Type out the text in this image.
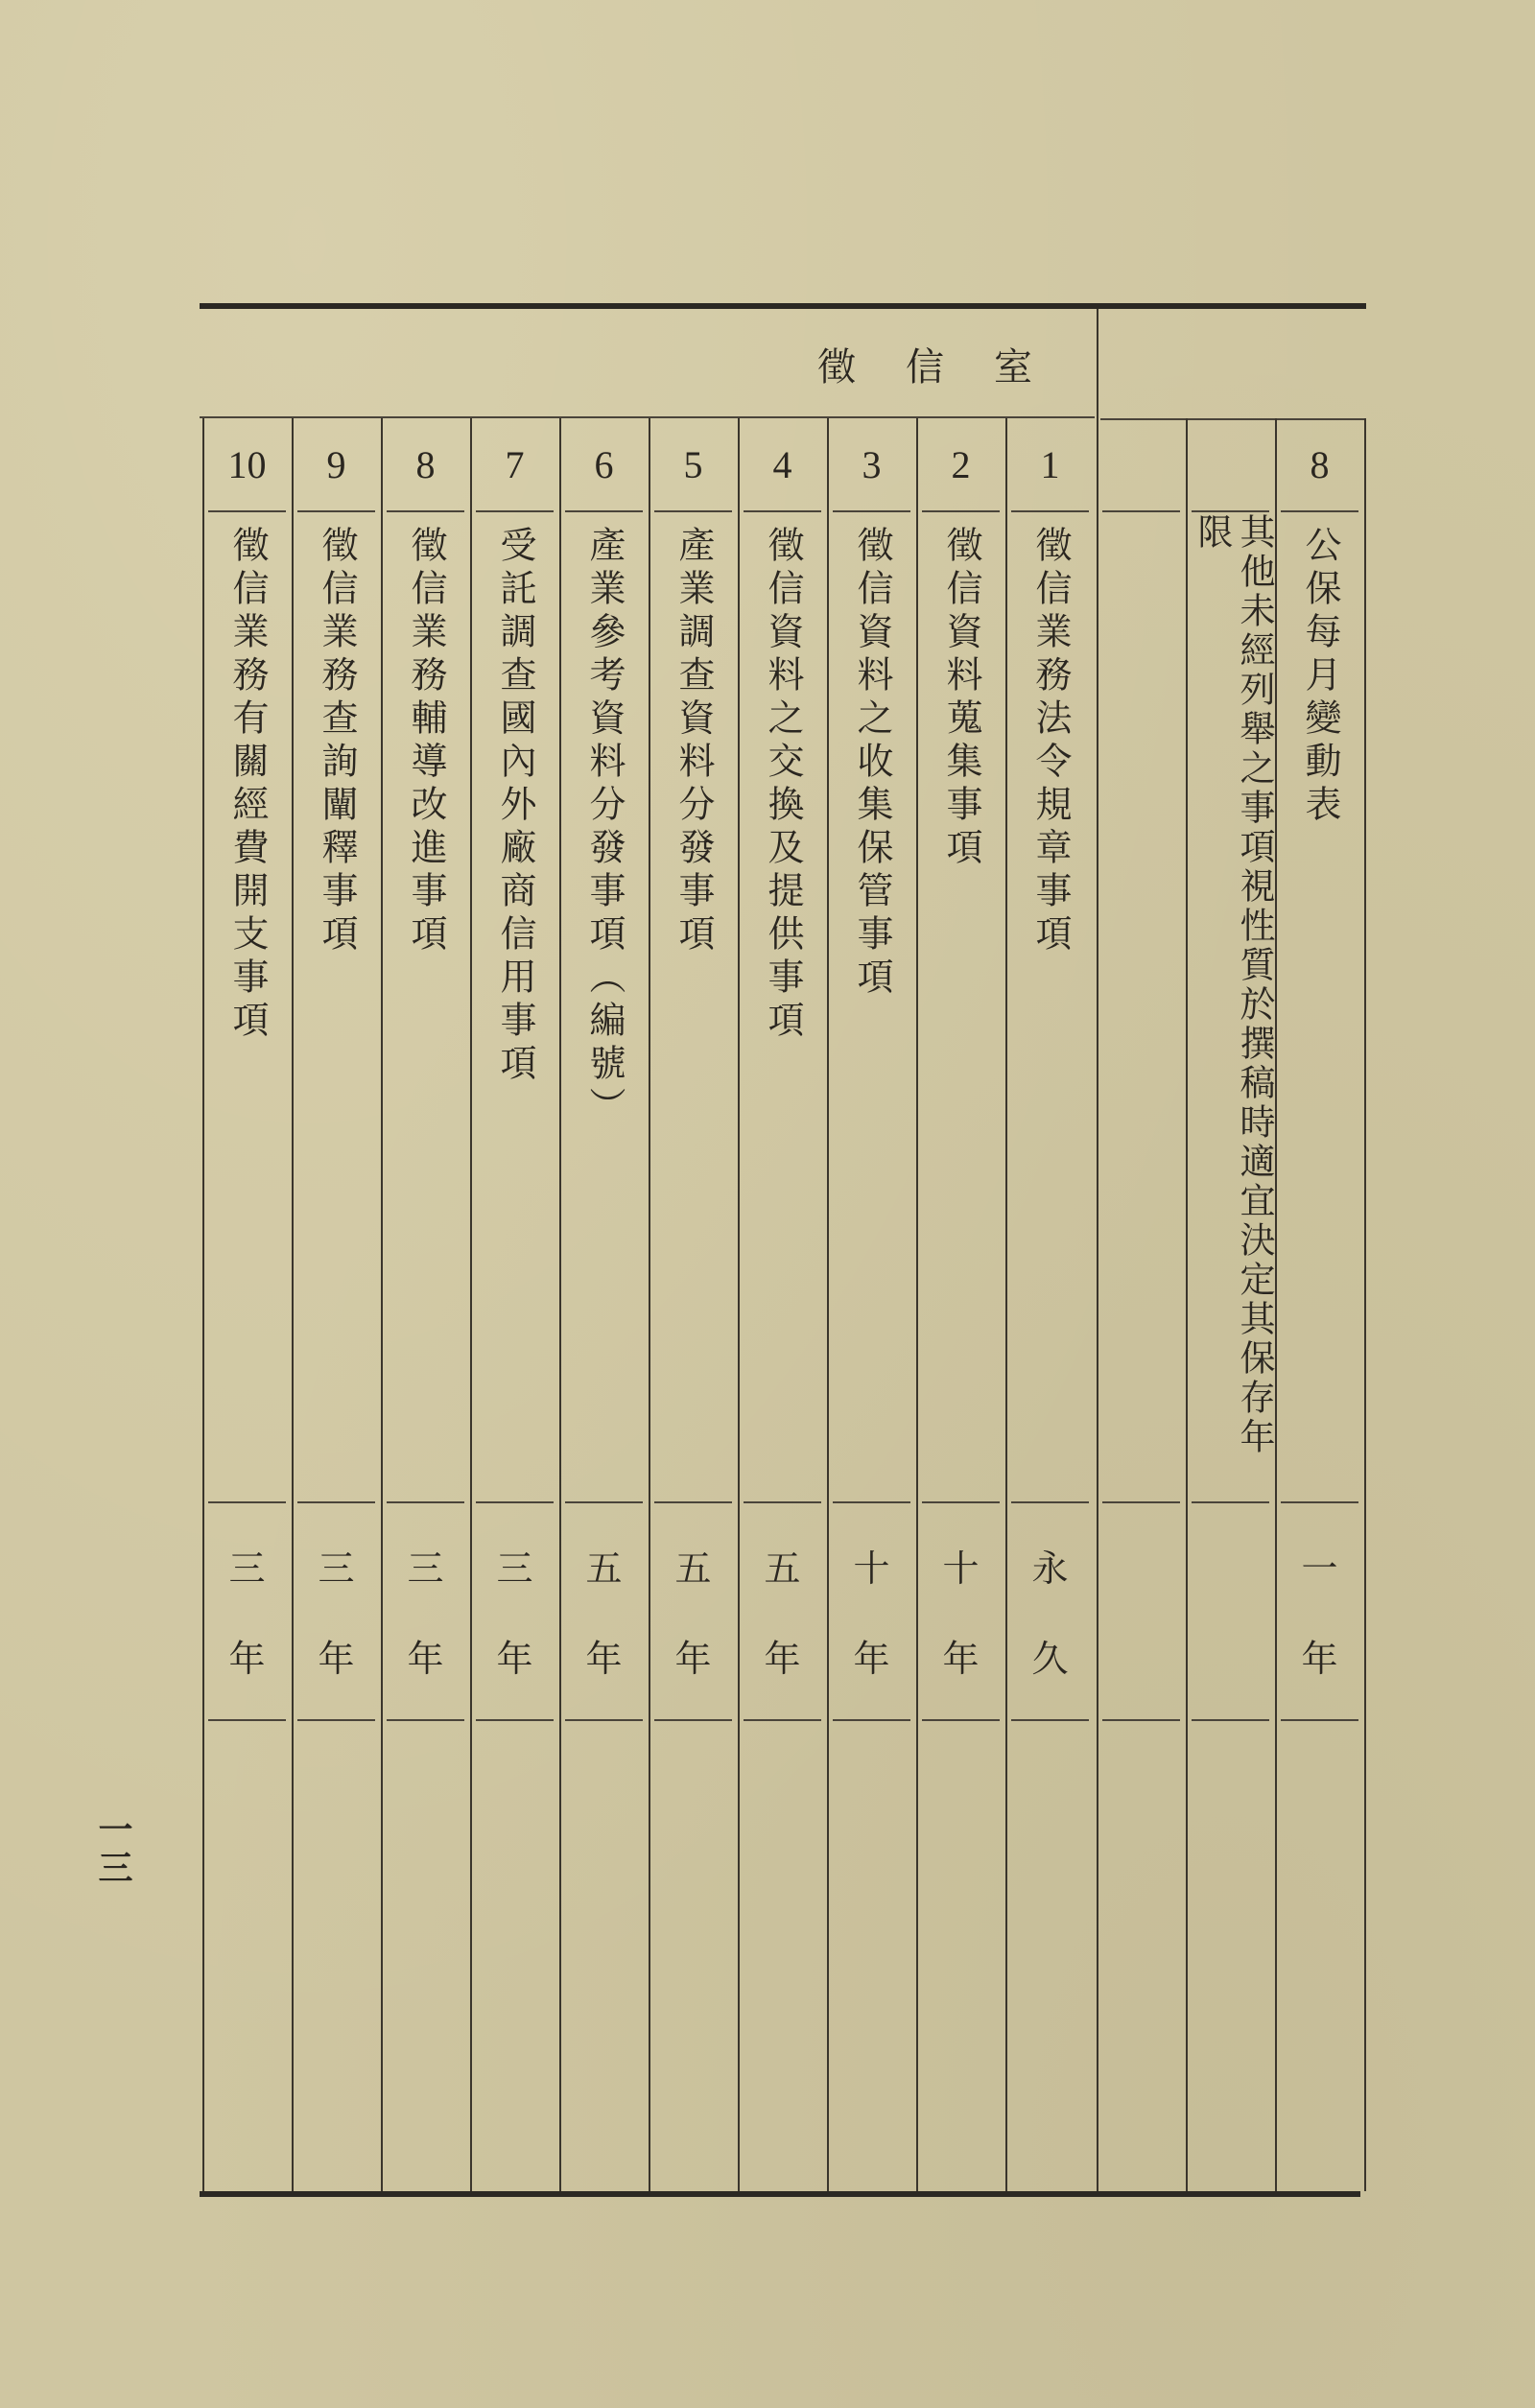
徵信室
8
公保每月變動表
一
年
其他未經列舉之事項視性質於撰稿時適宜決定其保存年限
1
徵信業務法令規章事項
永
久
2
徵信資料蒐集事項
十
年
3
徵信資料之收集保管事項
十
年
4
徵信資料之交換及提供事項
五
年
5
產業調查資料分發事項
五
年
6
產業參考資料分發事項︵編號︶
五
年
7
受託調查國內外廠商信用事項
三
年
8
徵信業務輔導改進事項
三
年
9
徵信業務查詢闡釋事項
三
年
10
徵信業務有關經費開支事項
三
年
一三
